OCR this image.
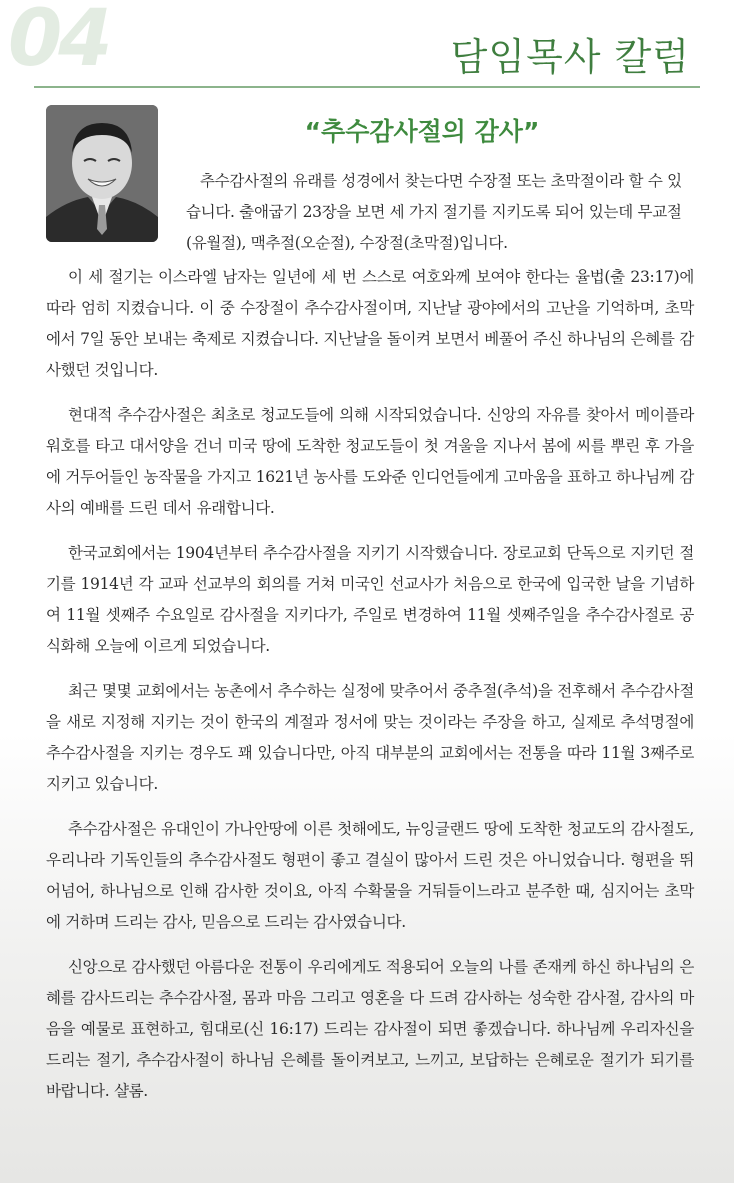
04	담임목사 칼럼
“추수감사절의 감사”

추수감사절의 유래를 성경에서 찾는다면 수장절 또는 초막절이라 할 수 있습니다. 출애굽기 23장을 보면 세 가지 절기를 지키도록 되어 있는데 무교절(유월절), 맥추절(오순절), 수장절(초막절)입니다.

이 세 절기는 이스라엘 남자는 일년에 세 번 스스로 여호와께 보여야 한다는 율법(출 23:17)에 따라 엄히 지켰습니다. 이 중 수장절이 추수감사절이며, 지난날 광야에서의 고난을 기억하며, 초막에서 7일 동안 보내는 축제로 지켰습니다. 지난날을 돌이켜 보면서 베풀어 주신 하나님의 은혜를 감사했던 것입니다.

현대적 추수감사절은 최초로 청교도들에 의해 시작되었습니다. 신앙의 자유를 찾아서 메이플라워호를 타고 대서양을 건너 미국 땅에 도착한 청교도들이 첫 겨울을 지나서 봄에 씨를 뿌린 후 가을에 거두어들인 농작물을 가지고 1621년 농사를 도와준 인디언들에게 고마움을 표하고 하나님께 감사의 예배를 드린 데서 유래합니다.

한국교회에서는 1904년부터 추수감사절을 지키기 시작했습니다. 장로교회 단독으로 지키던 절기를 1914년 각 교파 선교부의 회의를 거쳐 미국인 선교사가 처음으로 한국에 입국한 날을 기념하여 11월 셋째주 수요일로 감사절을 지키다가, 주일로 변경하여 11월 셋째주일을 추수감사절로 공식화해 오늘에 이르게 되었습니다.

최근 몇몇 교회에서는 농촌에서 추수하는 실정에 맞추어서 중추절(추석)을 전후해서 추수감사절을 새로 지정해 지키는 것이 한국의 계절과 정서에 맞는 것이라는 주장을 하고, 실제로 추석명절에 추수감사절을 지키는 경우도 꽤 있습니다만, 아직 대부분의 교회에서는 전통을 따라 11월 3째주로 지키고 있습니다.

추수감사절은 유대인이 가나안땅에 이른 첫해에도, 뉴잉글랜드 땅에 도착한 청교도의 감사절도, 우리나라 기독인들의 추수감사절도 형편이 좋고 결실이 많아서 드린 것은 아니었습니다. 형편을 뛰어넘어, 하나님으로 인해 감사한 것이요, 아직 수확물을 거둬들이느라고 분주한 때, 심지어는 초막에 거하며 드리는 감사, 믿음으로 드리는 감사였습니다.

신앙으로 감사했던 아름다운 전통이 우리에게도 적용되어 오늘의 나를 존재케 하신 하나님의 은혜를 감사드리는 추수감사절, 몸과 마음 그리고 영혼을 다 드려 감사하는 성숙한 감사절, 감사의 마음을 예물로 표현하고, 힘대로(신 16:17) 드리는 감사절이 되면 좋겠습니다. 하나님께 우리자신을 드리는 절기, 추수감사절이 하나님 은혜를 돌이켜보고, 느끼고, 보답하는 은혜로운 절기가 되기를 바랍니다. 샬롬.
